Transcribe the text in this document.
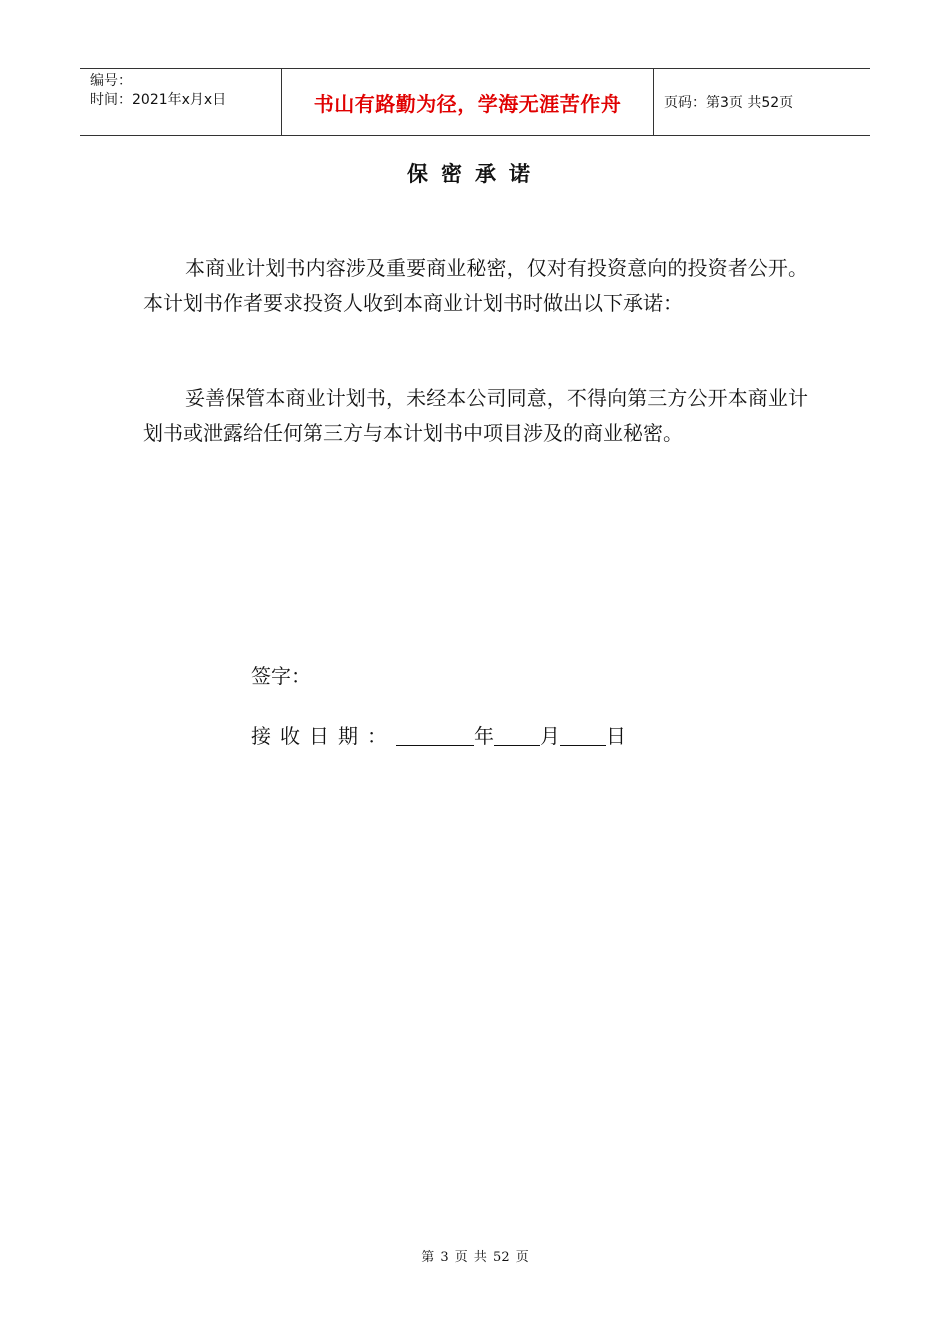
编号：
时间：2021年x月x日	书山有路勤为径，学海无涯苦作舟	页码：第3页 共52页
保密承诺

本商业计划书内容涉及重要商业秘密，仅对有投资意向的投资者公开。本计划书作者要求投资人收到本商业计划书时做出以下承诺：

妥善保管本商业计划书，未经本公司同意，不得向第三方公开本商业计划书或泄露给任何第三方与本计划书中项目涉及的商业秘密。

签字：
接收日期：	年 月 日
第 3 页 共 52 页
